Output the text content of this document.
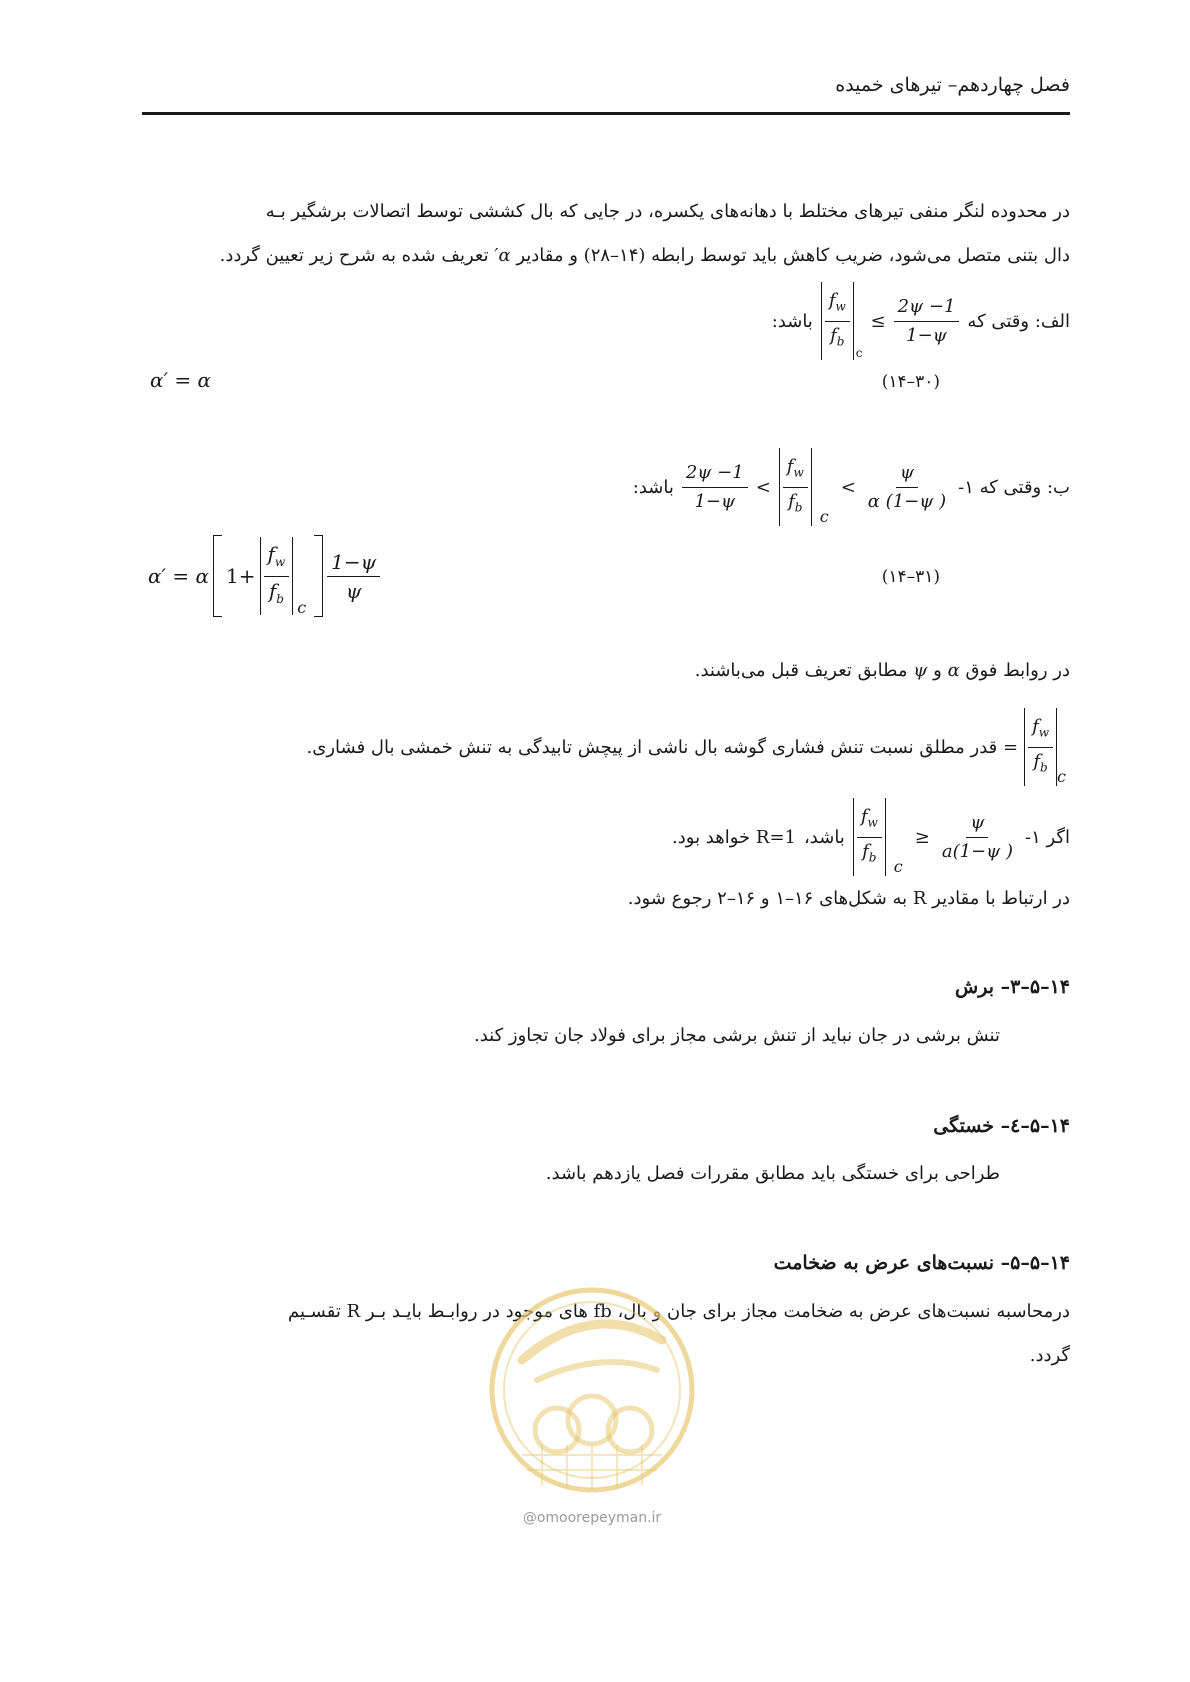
فصل چهاردهم– تیرهای خمیده
در محدوده لنگر منفی تیرهای مختلط با دهانه‌های یکسره، در جایی که بال کششی توسط اتصالات برشگیر بـه
دال بتنی متصل می‌شود، ضریب کاهش باید توسط رابطه (۱۴–۲۸) و مقادیر α′ تعریف شده به شرح زیر تعیین گردد.
الف: وقتی که
$\frac{f_w}{f_b}$ c
≤ $\frac{2\psi -1}{1-\psi}$
باشد:
(۱۴–۳۰)
α′ = α
ب: وقتی که ۱-
$\frac{2\psi -1}{1-\psi} < \frac{f_w}{f_b}$ c
< $\frac{\psi}{\alpha (1-\psi )}$
باشد:
(۱۴–۳۱)
α′ = α $1+ \frac{f_w}{f_b}$ c
$\frac{1-\psi}{\psi}$
در روابط فوق α و ψ مطابق تعریف قبل می‌باشند.
$\frac{f_w}{f_b}$ c
= قدر مطلق نسبت تنش فشاری گوشه بال ناشی از پیچش تابیدگی به تنش خمشی بال فشاری.
اگر ۱-
$\frac{f_w}{f_b}$ c
≥ $\frac{\psi}{a(1-\psi )}$
باشد،
R=1 خواهد بود.
در ارتباط با مقادیر R به شکل‌های ۱۶–۱ و ۱۶–۲ رجوع شود.
۱۴–۵–۳– برش
تنش برشی در جان نباید از تنش برشی مجاز برای فولاد جان تجاوز کند.
۱۴–۵–٤– خستگی
طراحی برای خستگی باید مطابق مقررات فصل یازدهم باشد.
۱۴–۵–۵– نسبت‌های عرض به ضخامت
درمحاسبه نسبت‌های عرض به ضخامت مجاز برای جان و بال، fb های موجود در روابـط بایـد بـر R تقسـیم
گردد.
@omoorepeyman.ir
